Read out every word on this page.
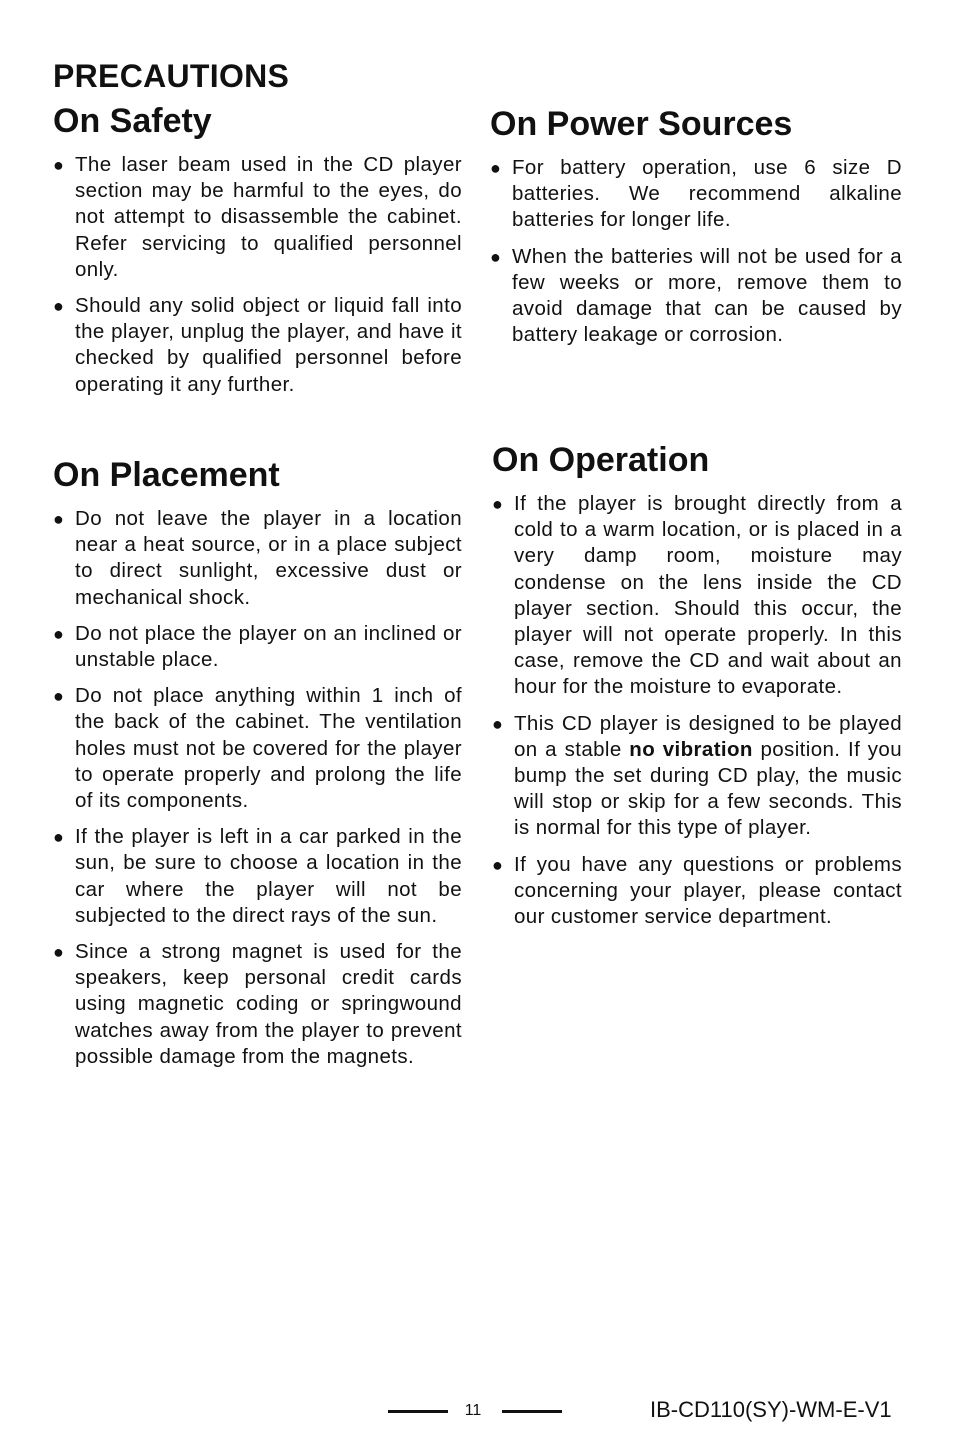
PRECAUTIONS
On Safety
● The laser beam used in the CD player section may be harmful to the eyes, do not attempt to disassemble the cabinet. Refer servicing to qualified personnel only.
● Should any solid object or liquid fall into the player, unplug the player, and have it checked by qualified personnel before operating it any further.
On Placement
● Do not leave the player in a location near a heat source, or in a place subject to direct sunlight, excessive dust or mechanical shock.
● Do not place the player on an inclined or unstable place.
● Do not place anything within 1 inch of the back of the cabinet. The ventilation holes must not be covered for the player to operate properly and prolong the life of its components.
● If the player is left in a car parked in the sun, be sure to choose a location in the car where the player will not be subjected to the direct rays of the sun.
● Since a strong magnet is used for the speakers, keep personal credit cards using magnetic coding or springwound watches away from the player to prevent possible damage from the magnets.
On Power Sources
● For battery operation, use 6 size D batteries. We recommend alkaline batteries for longer life.
● When the batteries will not be used for a few weeks or more, remove them to avoid damage that can be caused by battery leakage or corrosion.
On Operation
● If the player is brought directly from a cold to a warm location, or is placed in a very damp room, moisture may condense on the lens inside the CD player section. Should this occur, the player will not operate properly. In this case, remove the CD and wait about an hour for the moisture to evaporate.
● This CD player is designed to be played on a stable no vibration position. If you bump the set during CD play, the music will stop or skip for a few seconds. This is normal for this type of player.
● If you have any questions or problems concerning your player, please contact our customer service department.
11	IB-CD110(SY)-WM-E-V1
